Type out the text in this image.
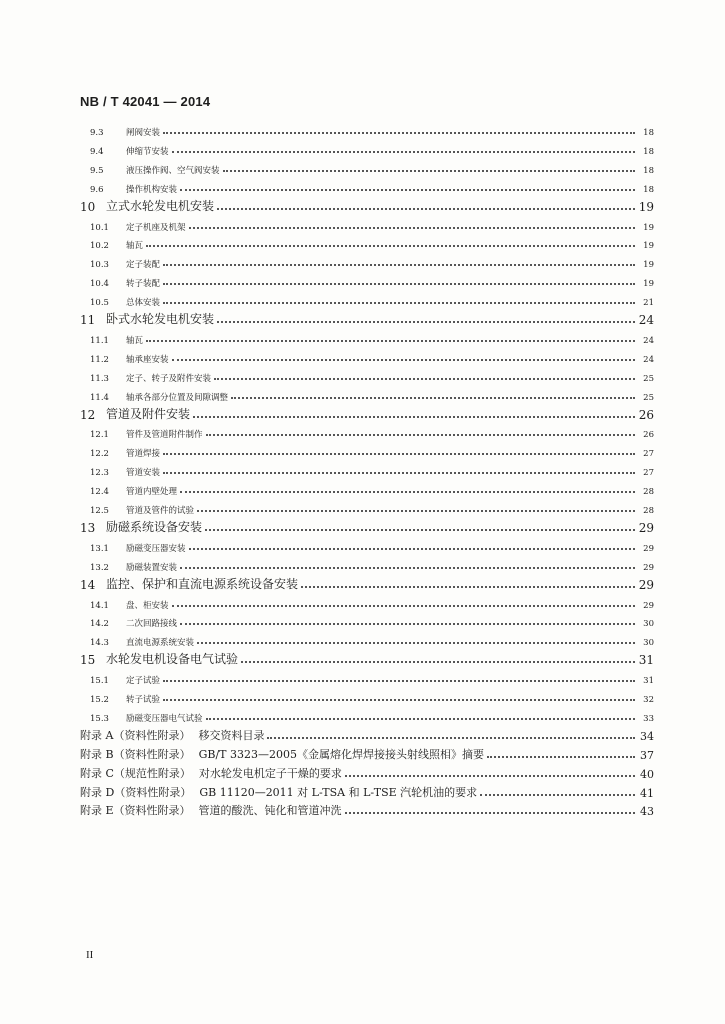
NB / T 42041 — 2014
9.3	闸阀安装	18
9.4	伸缩节安装	18
9.5	液压操作阀、空气阀安装	18
9.6	操作机构安装	18
10 立式水轮发电机安装	19
10.1	定子机座及机架	19
10.2	轴瓦	19
10.3	定子装配	19
10.4	转子装配	19
10.5	总体安装	21
11 卧式水轮发电机安装	24
11.1	轴瓦	24
11.2	轴承座安装	24
11.3	定子、转子及附件安装	25
11.4	轴承各部分位置及间隙调整	25
12 管道及附件安装	26
12.1	管件及管道附件制作	26
12.2	管道焊接	27
12.3	管道安装	27
12.4	管道内壁处理	28
12.5	管道及管件的试验	28
13 励磁系统设备安装	29
13.1	励磁变压器安装	29
13.2	励磁装置安装	29
14 监控、保护和直流电源系统设备安装	29
14.1	盘、柜安装	29
14.2	二次回路接线	30
14.3	直流电源系统安装	30
15 水轮发电机设备电气试验	31
15.1	定子试验	31
15.2	转子试验	32
15.3	励磁变压器电气试验	33
附录 A（资料性附录） 移交资料目录	34
附录 B（资料性附录） GB/T 3323—2005《金属熔化焊焊接接头射线照相》摘要	37
附录 C（规范性附录） 对水轮发电机定子干燥的要求	40
附录 D（资料性附录） GB 11120—2011 对 L-TSA 和 L-TSE 汽轮机油的要求	41
附录 E（资料性附录） 管道的酸洗、钝化和管道冲洗	43
II
